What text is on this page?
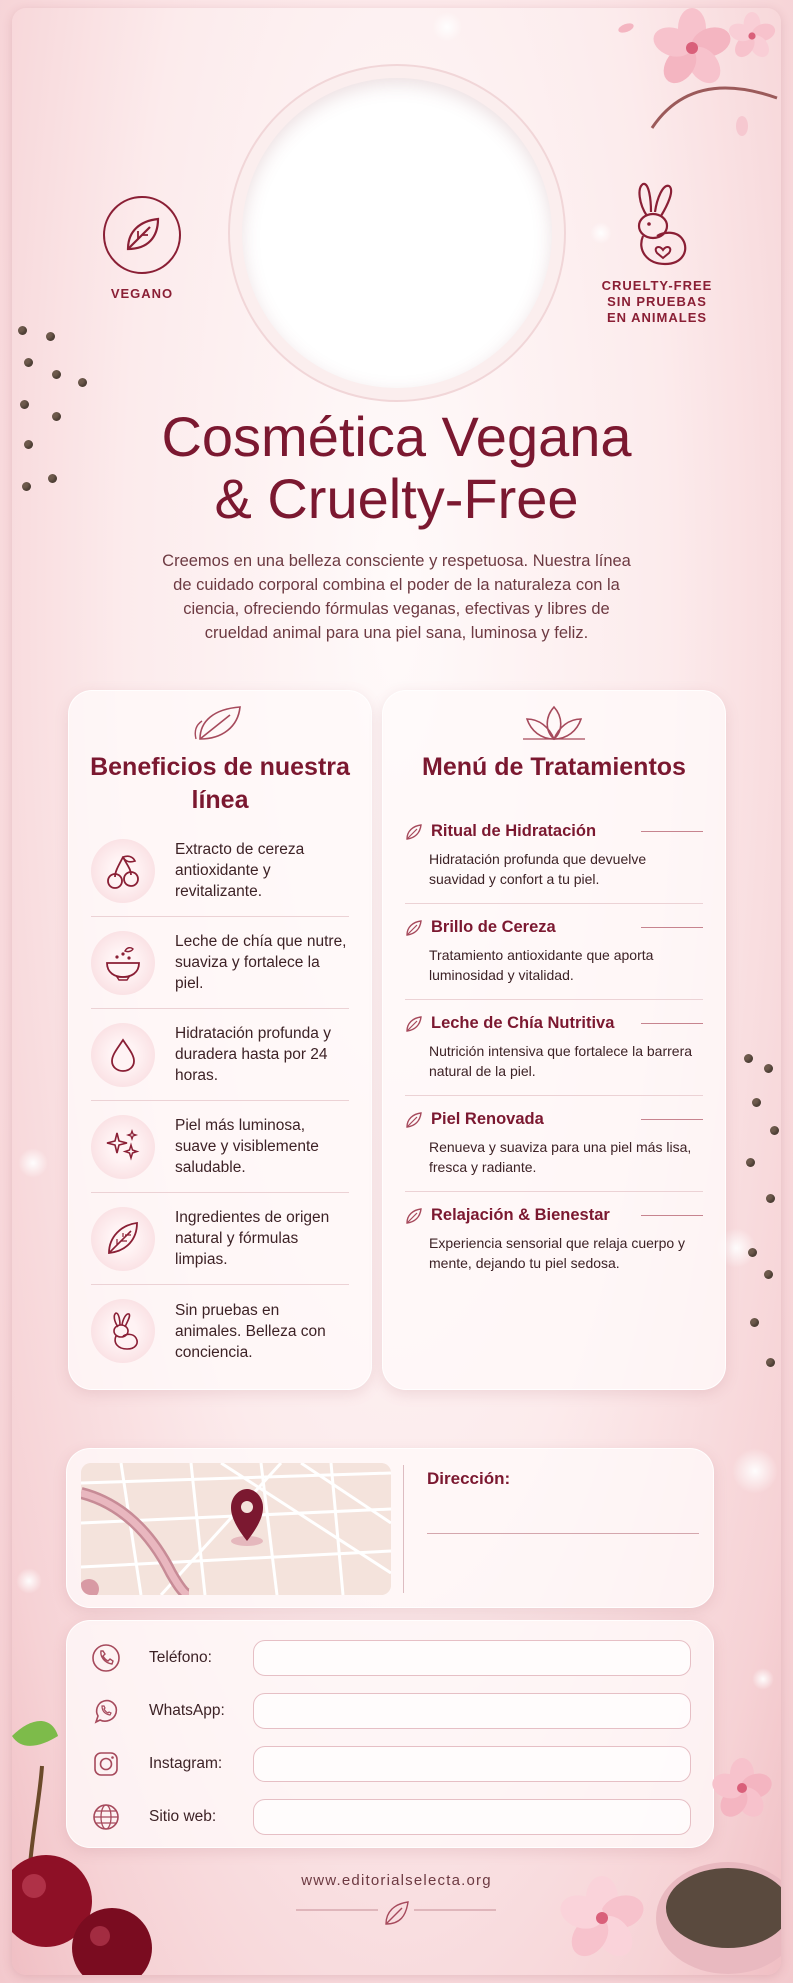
VEGANO
CRUELTY-FREE
SIN PRUEBAS
EN ANIMALES
Cosmética Vegana
& Cruelty-Free
Creemos en una belleza consciente y respetuosa. Nuestra línea de cuidado corporal combina el poder de la naturaleza con la ciencia, ofreciendo fórmulas veganas, efectivas y libres de crueldad animal para una piel sana, luminosa y feliz.
Beneficios de nuestra línea
Extracto de cereza antioxidante y revitalizante.
Leche de chía que nutre, suaviza y fortalece la piel.
Hidratación profunda y duradera hasta por 24 horas.
Piel más luminosa, suave y visiblemente saludable.
Ingredientes de origen natural y fórmulas limpias.
Sin pruebas en animales. Belleza con conciencia.
Menú de Tratamientos
Ritual de Hidratación
Hidratación profunda que devuelve suavidad y confort a tu piel.
Brillo de Cereza
Tratamiento antioxidante que aporta luminosidad y vitalidad.
Leche de Chía Nutritiva
Nutrición intensiva que fortalece la barrera natural de la piel.
Piel Renovada
Renueva y suaviza para una piel más lisa, fresca y radiante.
Relajación & Bienestar
Experiencia sensorial que relaja cuerpo y mente, dejando tu piel sedosa.
Dirección:
Teléfono:
WhatsApp:
Instagram:
Sitio web:
www.editorialselecta.org
